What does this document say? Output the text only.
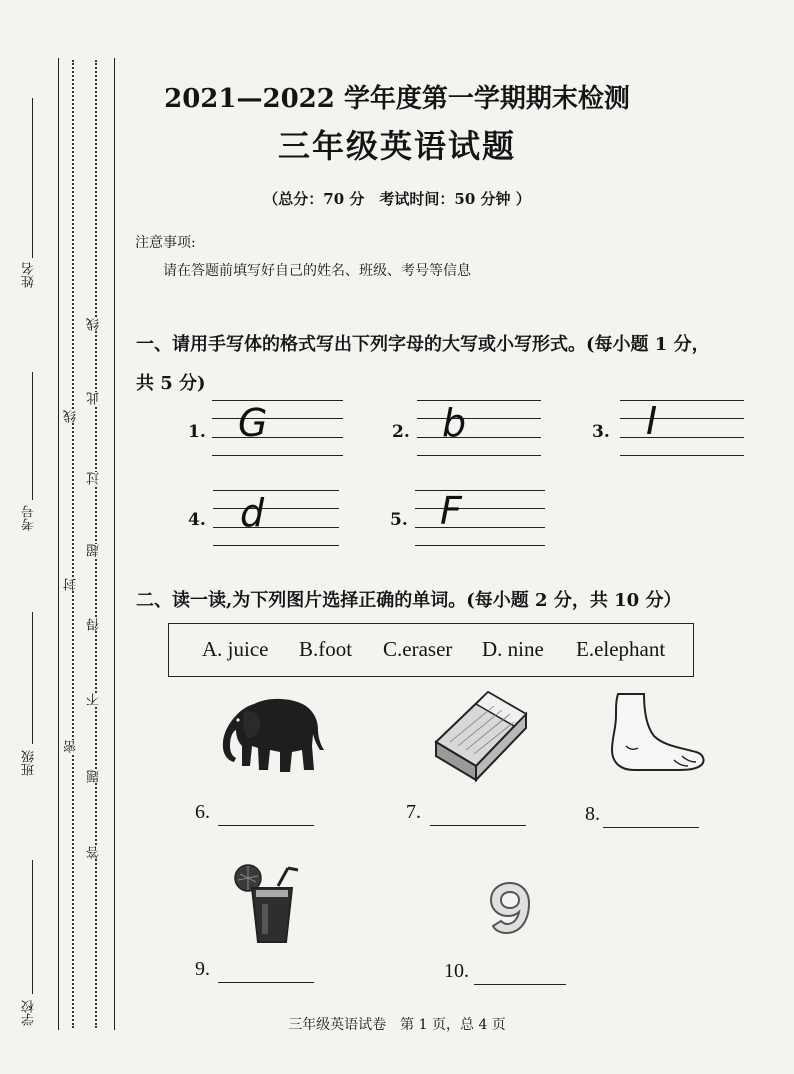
姓名
考号
班级
学校
线
封
密
线
此
过
超
得
不
题
答
2021—2022 学年度第一学期期末检测
三年级英语试题
（总分：70 分　考试时间：50 分钟 ）
注意事项:
请在答题前填写好自己的姓名、班级、考号等信息
一、请用手写体的格式写出下列字母的大写或小写形式。(每小题 1 分，
共 5 分)
1. G	2. b	3. I
4. d	5. F
二、读一读,为下列图片选择正确的单词。(每小题 2 分，共 10 分）
A. juice B.foot C.eraser D. nine E.elephant
6.	7.	8.
9.	10.
三年级英语试卷　第 1 页，总 4 页
